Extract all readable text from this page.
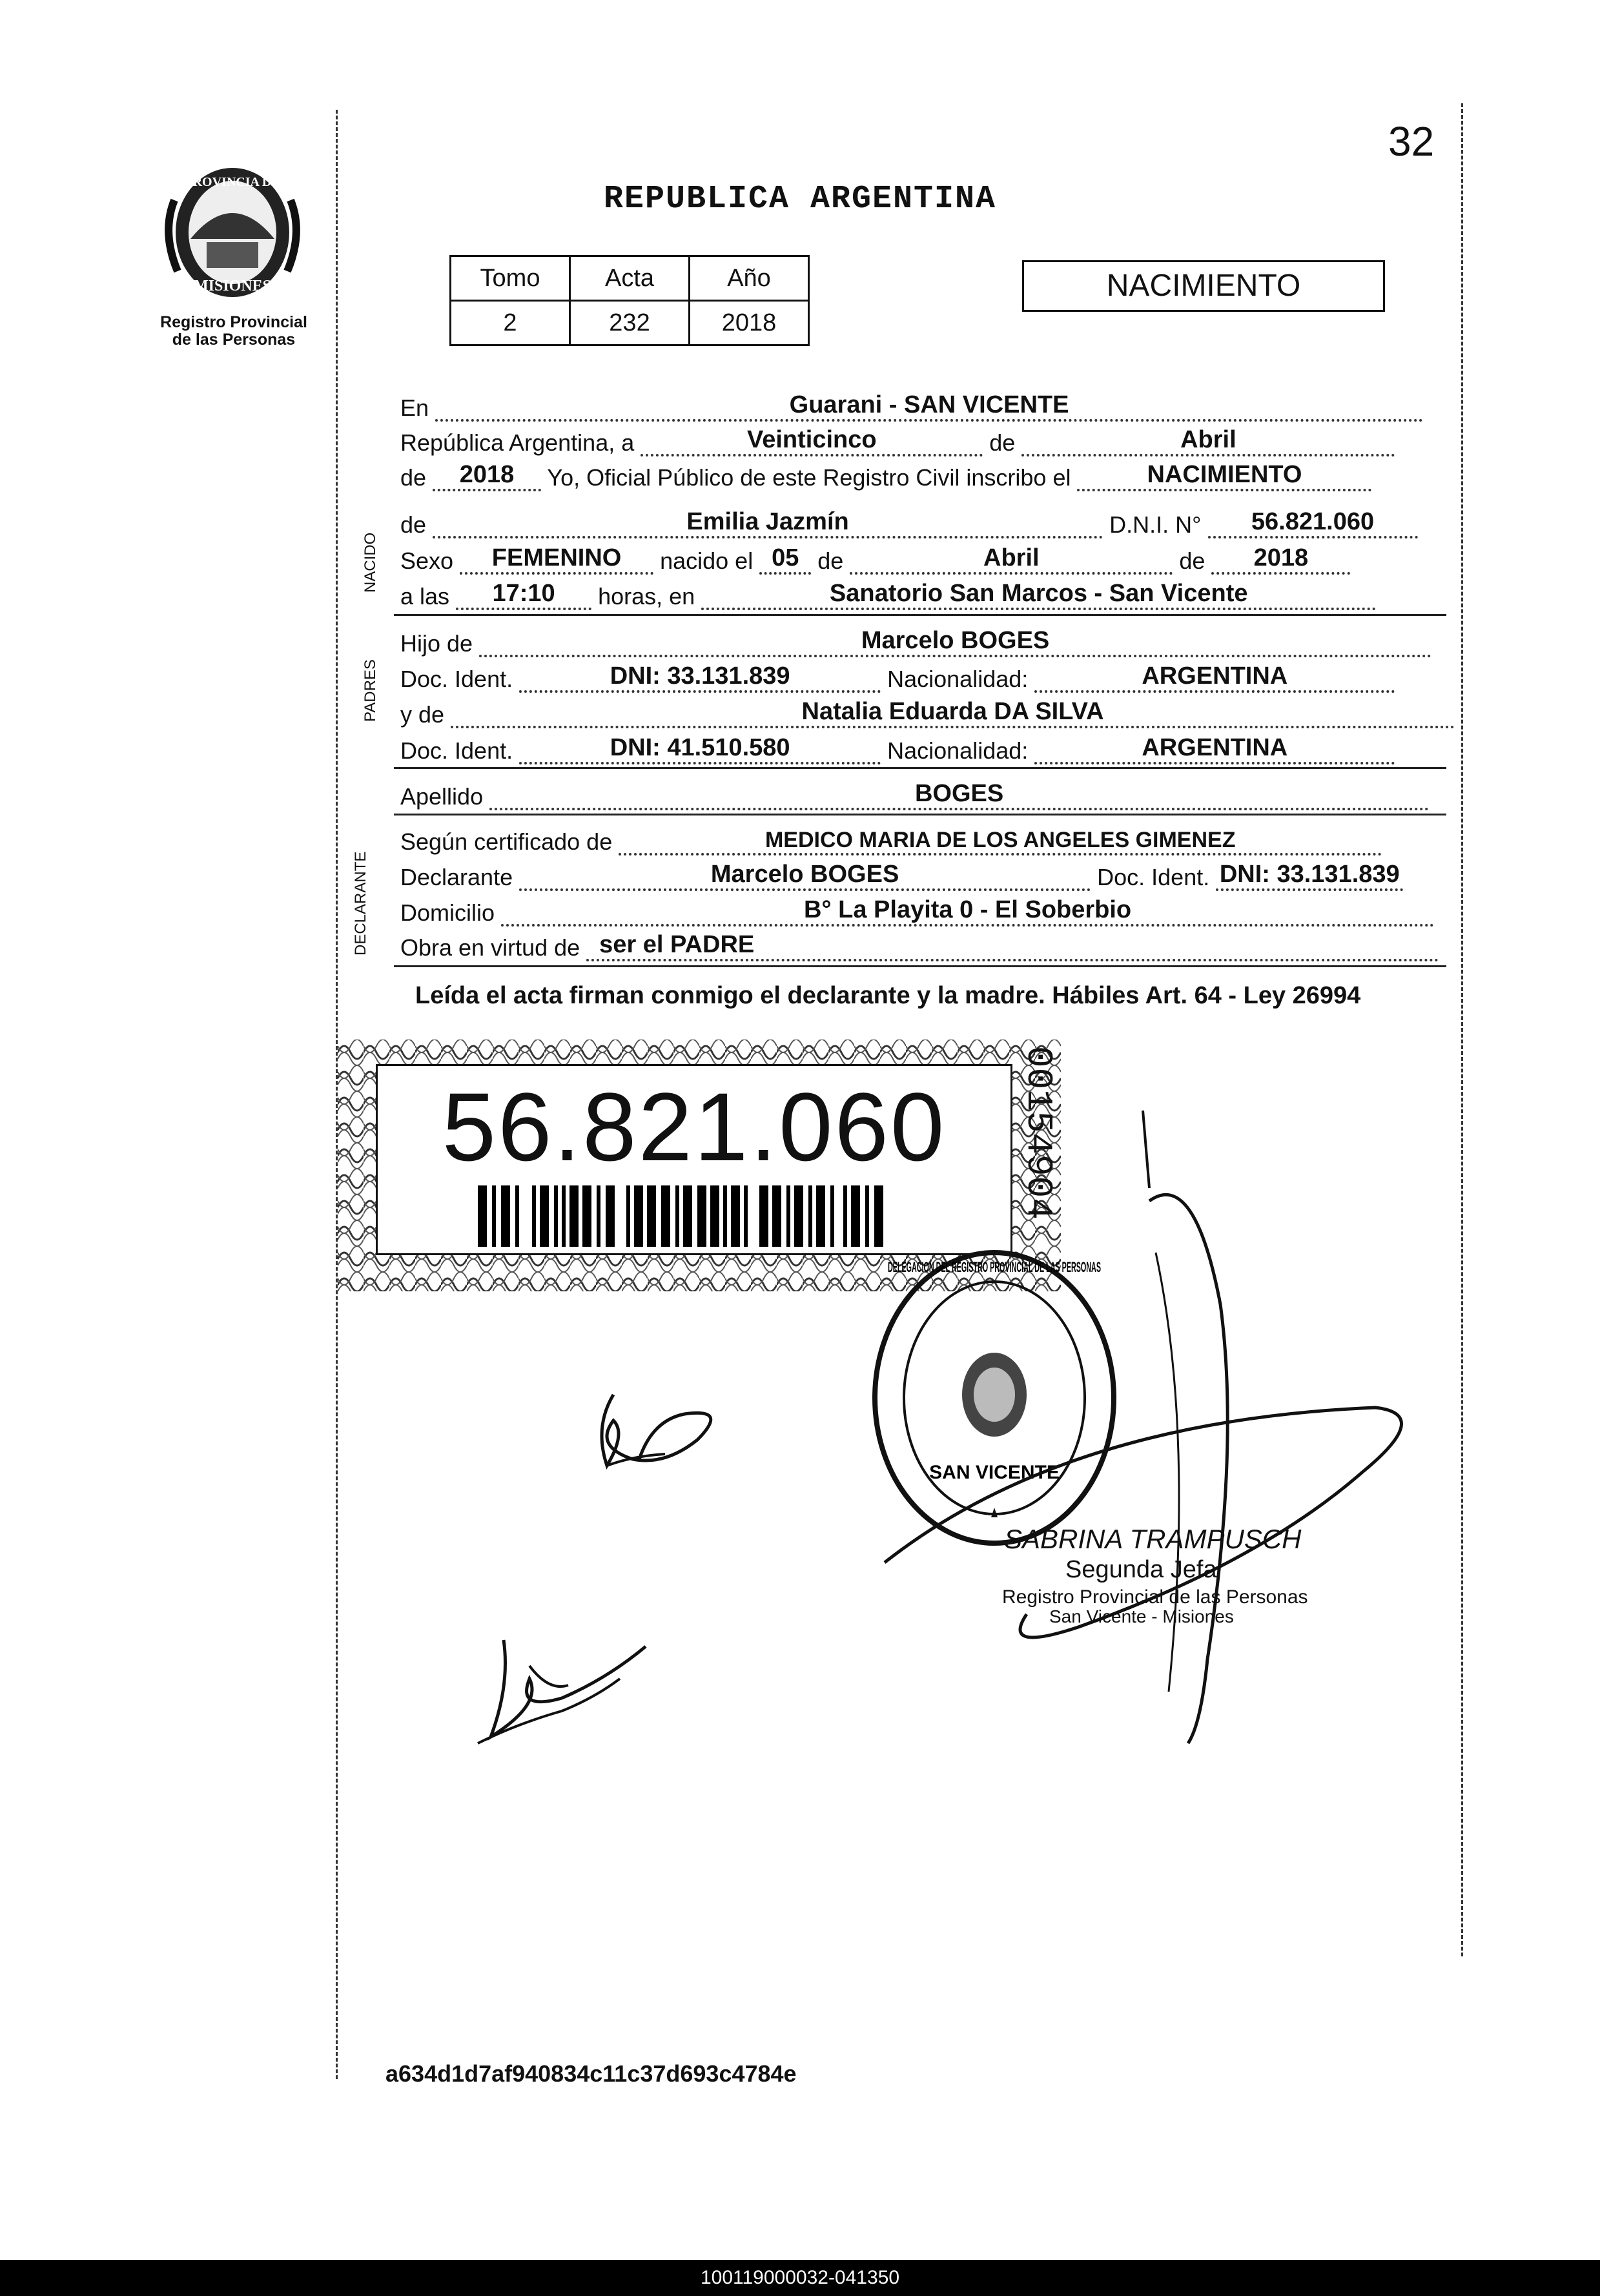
PROVINCIA DE
MISIONES
Registro Provincial
de las Personas
32
REPUBLICA ARGENTINA
Tomo	Acta	Año
2	232	2018
NACIMIENTO
En	Guarani - SAN VICENTE
República Argentina, a	Veinticinco	de	Abril
de	2018	Yo, Oficial Público de este Registro Civil inscribo el	NACIMIENTO
NACIDO
de	Emilia Jazmín	D.N.I. N°	56.821.060
Sexo	FEMENINO	nacido el 05 de	Abril	de	2018
a las	17:10	horas, en	Sanatorio San Marcos - San Vicente
PADRES
Hijo de	Marcelo BOGES
Doc. Ident.	DNI: 33.131.839	Nacionalidad:	ARGENTINA
y de	Natalia Eduarda DA SILVA
Doc. Ident.	DNI: 41.510.580	Nacionalidad:	ARGENTINA
Apellido	BOGES
DECLARANTE
Según certificado de	MEDICO MARIA DE LOS ANGELES GIMENEZ
Declarante	Marcelo BOGES	Doc. Ident. DNI: 33.131.839
Domicilio	B° La Playita 0 - El Soberbio
Obra en virtud de ser el PADRE
Leída el acta firman conmigo el declarante y la madre. Hábiles Art. 64 - Ley 26994
56.821.060	00154904
DELEGACION DEL REGISTRO PROVINCIAL DE LAS PERSONAS
SAN VICENTE
SABRINA TRAMPUSCH
Segunda Jefa
Registro Provincial de las Personas
San Vicente - Misiones
a634d1d7af940834c11c37d693c4784e
100119000032-041350
